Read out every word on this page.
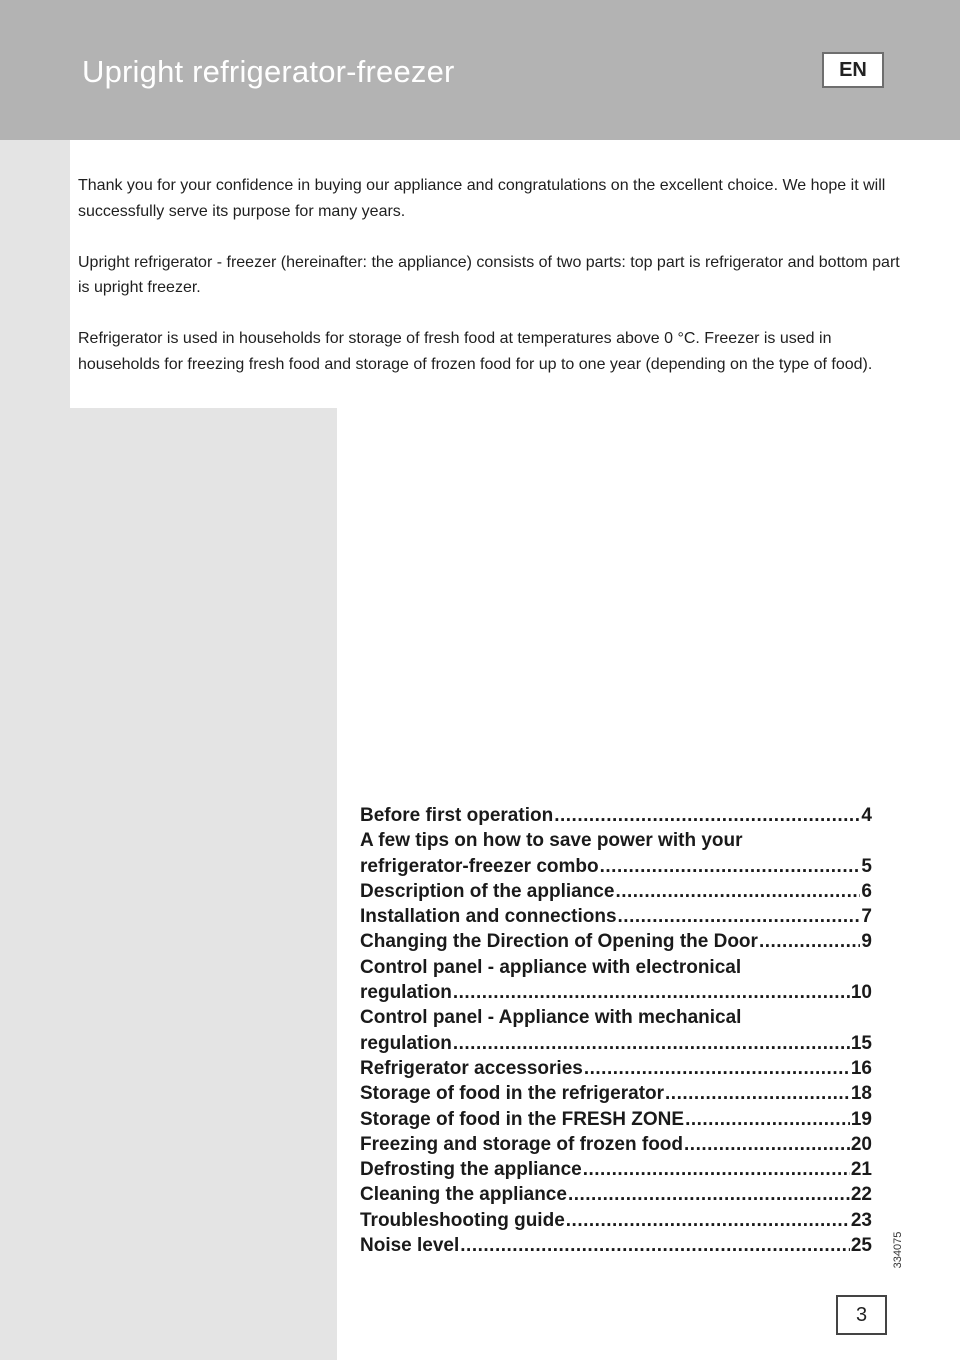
Upright refrigerator-freezer	EN

Thank you for your confidence in buying our appliance and congratulations on the excellent choice. We hope it will successfully serve its purpose for many years.

Upright refrigerator - freezer (hereinafter: the appliance) consists of two parts: top part is refrigerator and bottom part is upright freezer.

Refrigerator is used in households for storage of fresh food at temperatures above 0 °C. Freezer is used in households for freezing fresh food and storage of frozen food for up to one year (depending on the type of food).

Before first operation .....	4
A few tips on how to save power with your
refrigerator-freezer combo .....	5
Description of the appliance .....	6
Installation and connections .....	7
Changing the Direction of Opening the Door .....	9
Control panel - appliance with electronical
regulation .....	10
Control panel - Appliance with mechanical
regulation .....	15
Refrigerator accessories .....	16
Storage of food in the refrigerator .....	18
Storage of food in the FRESH ZONE .....	19
Freezing and storage of frozen food .....	20
Defrosting the appliance .....	21
Cleaning the appliance .....	22
Troubleshooting guide .....	23
Noise level .....	25 334075
3
